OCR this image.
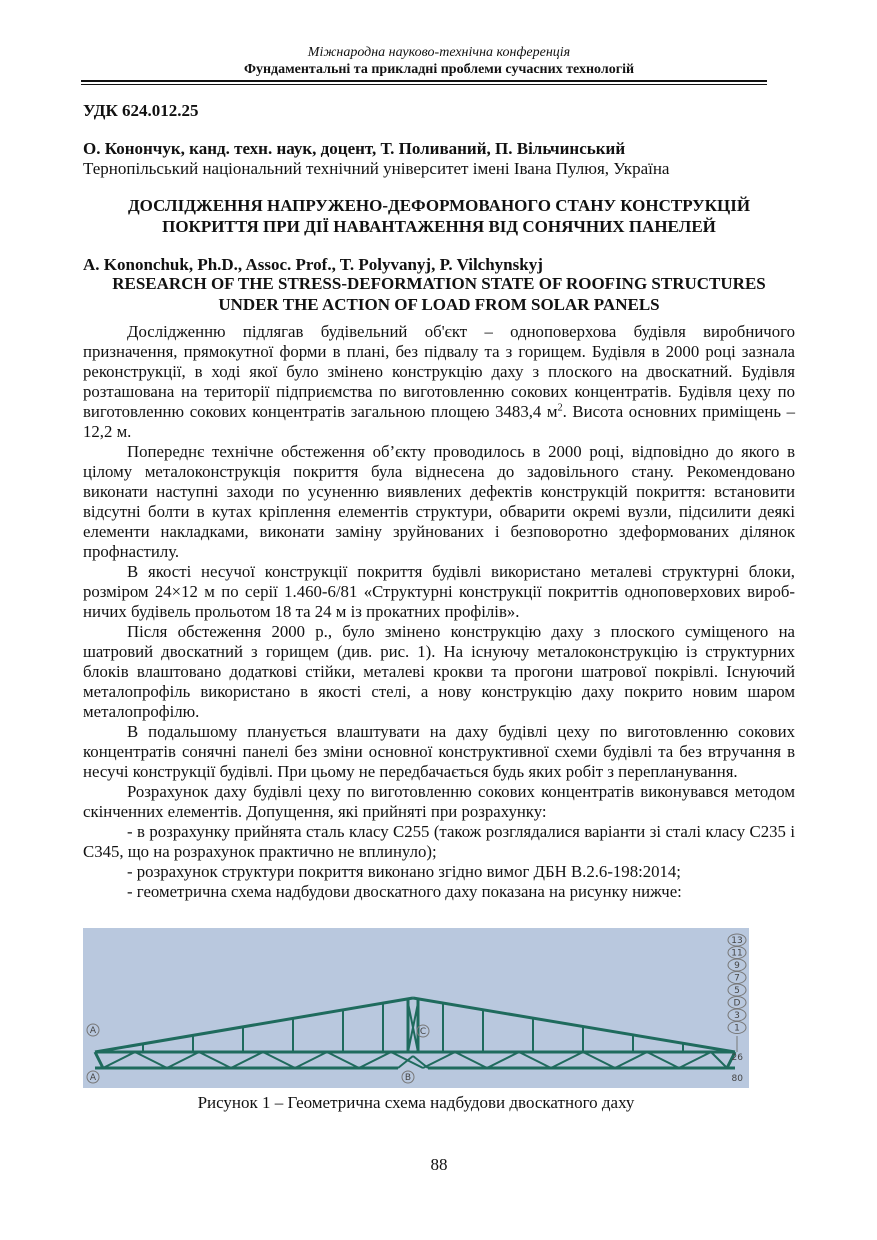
Міжнародна науково-технічна конференція
Фундаментальні та прикладні проблеми сучасних технологій
УДК 624.012.25
О. Конончук, канд. техн. наук, доцент, Т. Поливаний, П. Вільчинський
Тернопільський національний технічний університет імені Івана Пулюя, Україна
ДОСЛІДЖЕННЯ НАПРУЖЕНО-ДЕФОРМОВАНОГО СТАНУ КОНСТРУКЦІЙ
ПОКРИТТЯ ПРИ ДІЇ НАВАНТАЖЕННЯ ВІД СОНЯЧНИХ ПАНЕЛЕЙ
A. Kononchuk, Ph.D., Assoc. Prof., T. Polyvanyj, P. Vilchynskyj
RESEARCH OF THE STRESS-DEFORMATION STATE OF ROOFING STRUCTURES
UNDER THE ACTION OF LOAD FROM SOLAR PANELS

Дослідженню підлягав будівельний об'єкт – одноповерхова будівля виробничого призначення, прямокутної форми в плані, без підвалу та з горищем. Будівля в 2000 році зазнала реконструкції, в ході якої було змінено конструкцію даху з плоского на двоскатний. Будівля розташована на території підприємства по виготовленню сокових концентратів. Будівля цеху по виготовленню сокових концентратів загальною площею 3483,4 $м^2$. Висота основних приміщень – 12,2 м.

Попереднє технічне обстеження об’єкту проводилось в 2000 році, відповідно до якого в цілому металоконструкція покриття була віднесена до задовільного стану. Рекомендовано виконати наступні заходи по усуненню виявлених дефектів конструкцій покриття: встановити відсутні болти в кутах кріплення елементів структури, обварити окремі вузли, підсилити деякі елементи накладками, виконати заміну зруйнованих і безповоротно здеформованих ділянок профнастилу.

В якості несучої конструкції покриття будівлі використано металеві структурні блоки, розміром 24×12 м по серії 1.460-6/81 «Структурні конструкції покриттів одноповерхових виробничих будівель прольотом 18 та 24 м із прокатних профілів».

Після обстеження 2000 р., було змінено конструкцію даху з плоского суміщеного на шатровий двоскатний з горищем (див. рис. 1). На існуючу металоконструкцію із структурних блоків влаштовано додаткові стійки, металеві крокви та прогони шатрової покрівлі. Існуючий металопрофіль використано в якості стелі, а нову конструкцію даху покрито новим шаром металопрофілю.

В подальшому планується влаштувати на даху будівлі цеху по виготовленню сокових концентратів сонячні панелі без зміни основної конструктивної схеми будівлі та без втручання в несучі конструкції будівлі. При цьому не передбачається будь яких робіт з перепланування.

Розрахунок даху будівлі цеху по виготовленню сокових концентратів виконувався методом скінченних елементів. Допущення, які прийняті при розрахунку:

- в розрахунку прийнята сталь класу С255 (також розглядалися варіанти зі сталі класу С235 і С345, що на розрахунок практично не вплинуло);

- розрахунок структури покриття виконано згідно вимог ДБН В.2.6-198:2014;

- геометрична схема надбудови двоскатного даху показана на рисунку нижче:

13
11
9
7
5
D
3
1
A
A
C
B
26
80
Рисунок 1 – Геометрична схема надбудови двоскатного даху
88
